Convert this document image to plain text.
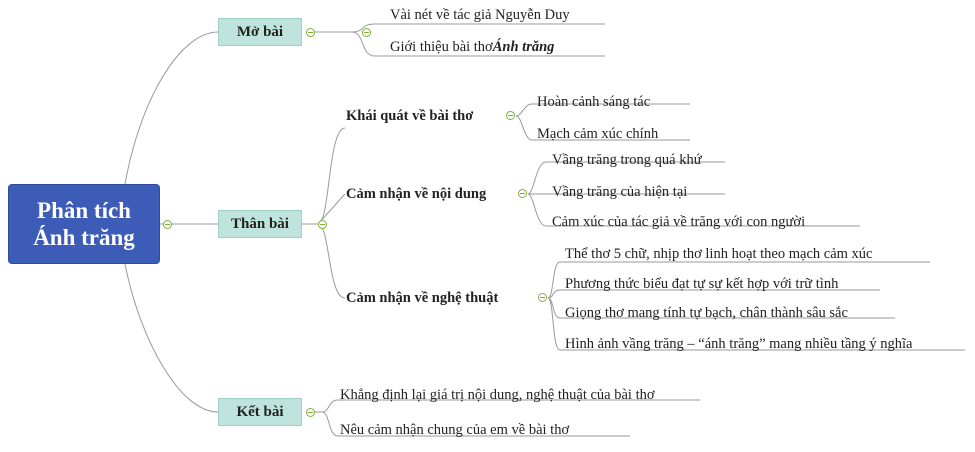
Phân tích
Ánh trăng
Mở bài
Vài nét về tác giả Nguyễn Duy
Giới thiệu bài thơ Ánh trăng
Thân bài
Khái quát về bài thơ
Hoàn cảnh sáng tác
Mạch cảm xúc chính
Cảm nhận về nội dung
Vầng trăng trong quá khứ
Vầng trăng của hiện tại
Cảm xúc của tác giả về trăng với con người
Cảm nhận về nghệ thuật
Thể thơ 5 chữ, nhịp thơ linh hoạt theo mạch cảm xúc
Phương thức biểu đạt tự sự kết hợp với trữ tình
Giọng thơ mang tính tự bạch, chân thành sâu sắc
Hình ảnh vầng trăng – “ánh trăng” mang nhiều tầng ý nghĩa
Kết bài
Khẳng định lại giá trị nội dung, nghệ thuật của bài thơ
Nêu cảm nhận chung của em về bài thơ
